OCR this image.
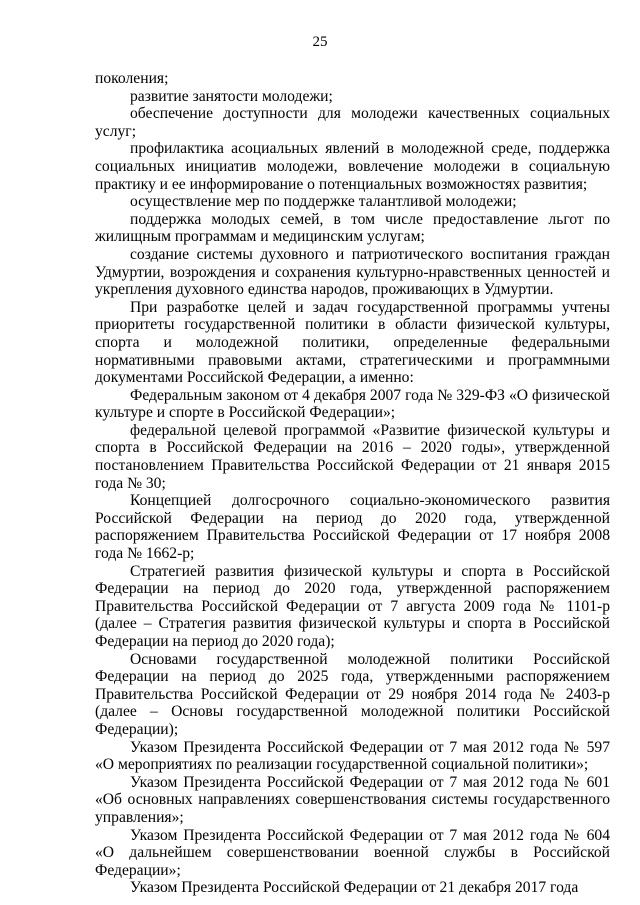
25

поколения;

развитие занятости молодежи;

обеспечение доступности для молодежи качественных социальных услуг;

профилактика асоциальных явлений в молодежной среде, поддержка социальных инициатив молодежи, вовлечение молодежи в социальную практику и ее информирование о потенциальных возможностях развития;

осуществление мер по поддержке талантливой молодежи;

поддержка молодых семей, в том числе предоставление льгот по жилищным программам и медицинским услугам;

создание системы духовного и патриотического воспитания граждан Удмуртии, возрождения и сохранения культурно-нравственных ценностей и укрепления духовного единства народов, проживающих в Удмуртии.

При разработке целей и задач государственной программы учтены приоритеты государственной политики в области физической культуры, спорта и молодежной политики, определенные федеральными нормативными правовыми актами, стратегическими и программными документами Российской Федерации, а именно:

Федеральным законом от 4 декабря 2007 года № 329-ФЗ «О физической культуре и спорте в Российской Федерации»;

федеральной целевой программой «Развитие физической культуры и спорта в Российской Федерации на 2016 – 2020 годы», утвержденной постановлением Правительства Российской Федерации от 21 января 2015 года № 30;

Концепцией долгосрочного социально-экономического развития Российской Федерации на период до 2020 года, утвержденной распоряжением Правительства Российской Федерации от 17 ноября 2008 года № 1662-р;

Стратегией развития физической культуры и спорта в Российской Федерации на период до 2020 года, утвержденной распоряжением Правительства Российской Федерации от 7 августа 2009 года № 1101-р (далее – Стратегия развития физической культуры и спорта в Российской Федерации на период до 2020 года);

Основами государственной молодежной политики Российской Федерации на период до 2025 года, утвержденными распоряжением Правительства Российской Федерации от 29 ноября 2014 года № 2403-р (далее – Основы государственной молодежной политики Российской Федерации);

Указом Президента Российской Федерации от 7 мая 2012 года № 597 «О мероприятиях по реализации государственной социальной политики»;

Указом Президента Российской Федерации от 7 мая 2012 года № 601 «Об основных направлениях совершенствования системы государственного управления»;

Указом Президента Российской Федерации от 7 мая 2012 года № 604 «О дальнейшем совершенствовании военной службы в Российской Федерации»;

Указом Президента Российской Федерации от 21 декабря 2017 года
